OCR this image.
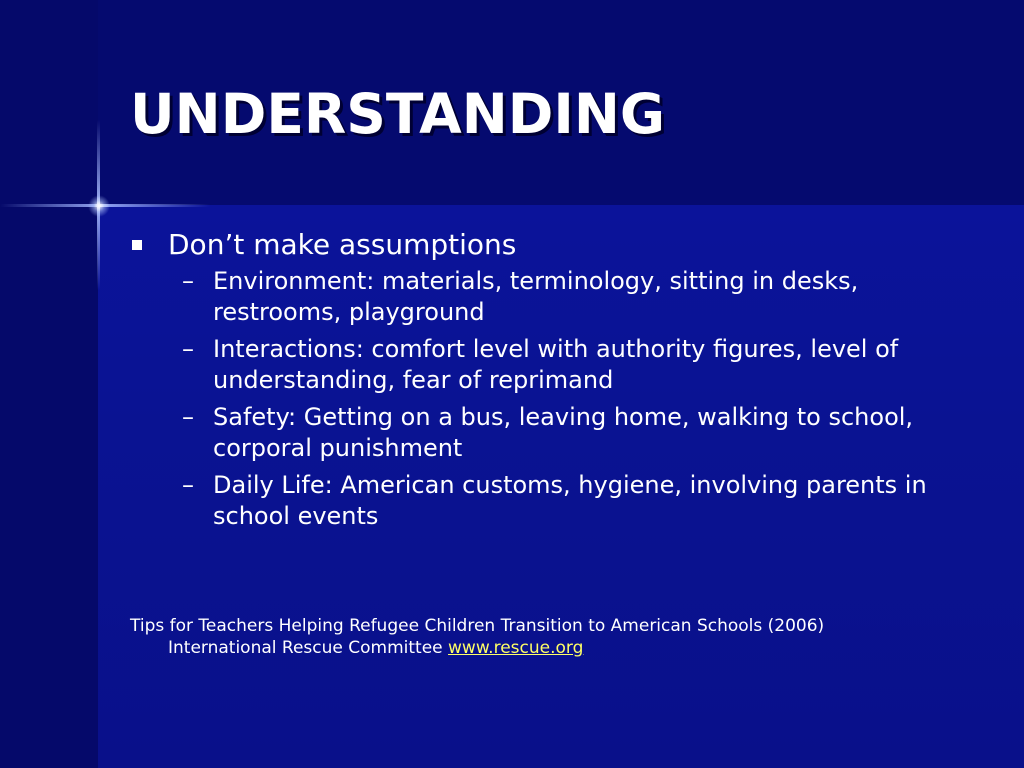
UNDERSTANDING
Don’t make assumptions
– Environment: materials, terminology, sitting in desks, restrooms, playground
– Interactions: comfort level with authority figures, level of understanding, fear of reprimand
– Safety: Getting on a bus, leaving home, walking to school, corporal punishment
– Daily Life: American customs, hygiene, involving parents in school events
Tips for Teachers Helping Refugee Children Transition to American Schools (2006)
International Rescue Committee www.rescue.org
